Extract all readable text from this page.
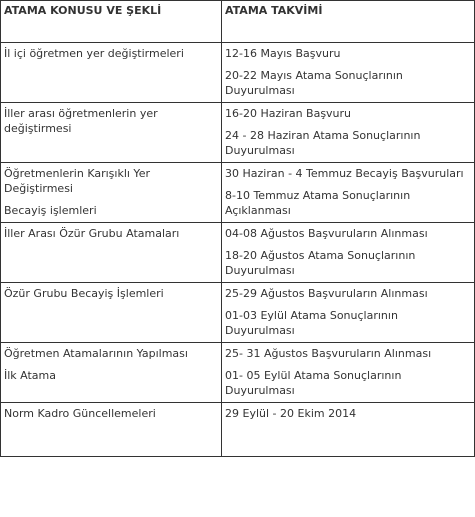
ATAMA KONUSU VE ŞEKLİ	ATAMA TAKVİMİ

İl içi öğretmen yer değiştirmeleri	12-16 Mayıs Başvuru
20-22 Mayıs Atama Sonuçlarının Duyurulması

İller arası öğretmenlerin yer değiştirmesi	16-20 Haziran Başvuru
24 - 28 Haziran Atama Sonuçlarının Duyurulması

Öğretmenlerin Karışıklı Yer Değiştirmesi
Becayiş işlemleri	30 Haziran - 4 Temmuz Becayiş Başvuruları
8-10 Temmuz Atama Sonuçlarının Açıklanması

İller Arası Özür Grubu Atamaları	04-08 Ağustos Başvuruların Alınması
18-20 Ağustos Atama Sonuçlarının Duyurulması

Özür Grubu Becayiş İşlemleri	25-29 Ağustos Başvuruların Alınması
01-03 Eylül Atama Sonuçlarının Duyurulması

Öğretmen Atamalarının Yapılması
İlk Atama	25- 31 Ağustos Başvuruların Alınması
01- 05 Eylül Atama Sonuçlarının Duyurulması

Norm Kadro Güncellemeleri	29 Eylül - 20 Ekim 2014
